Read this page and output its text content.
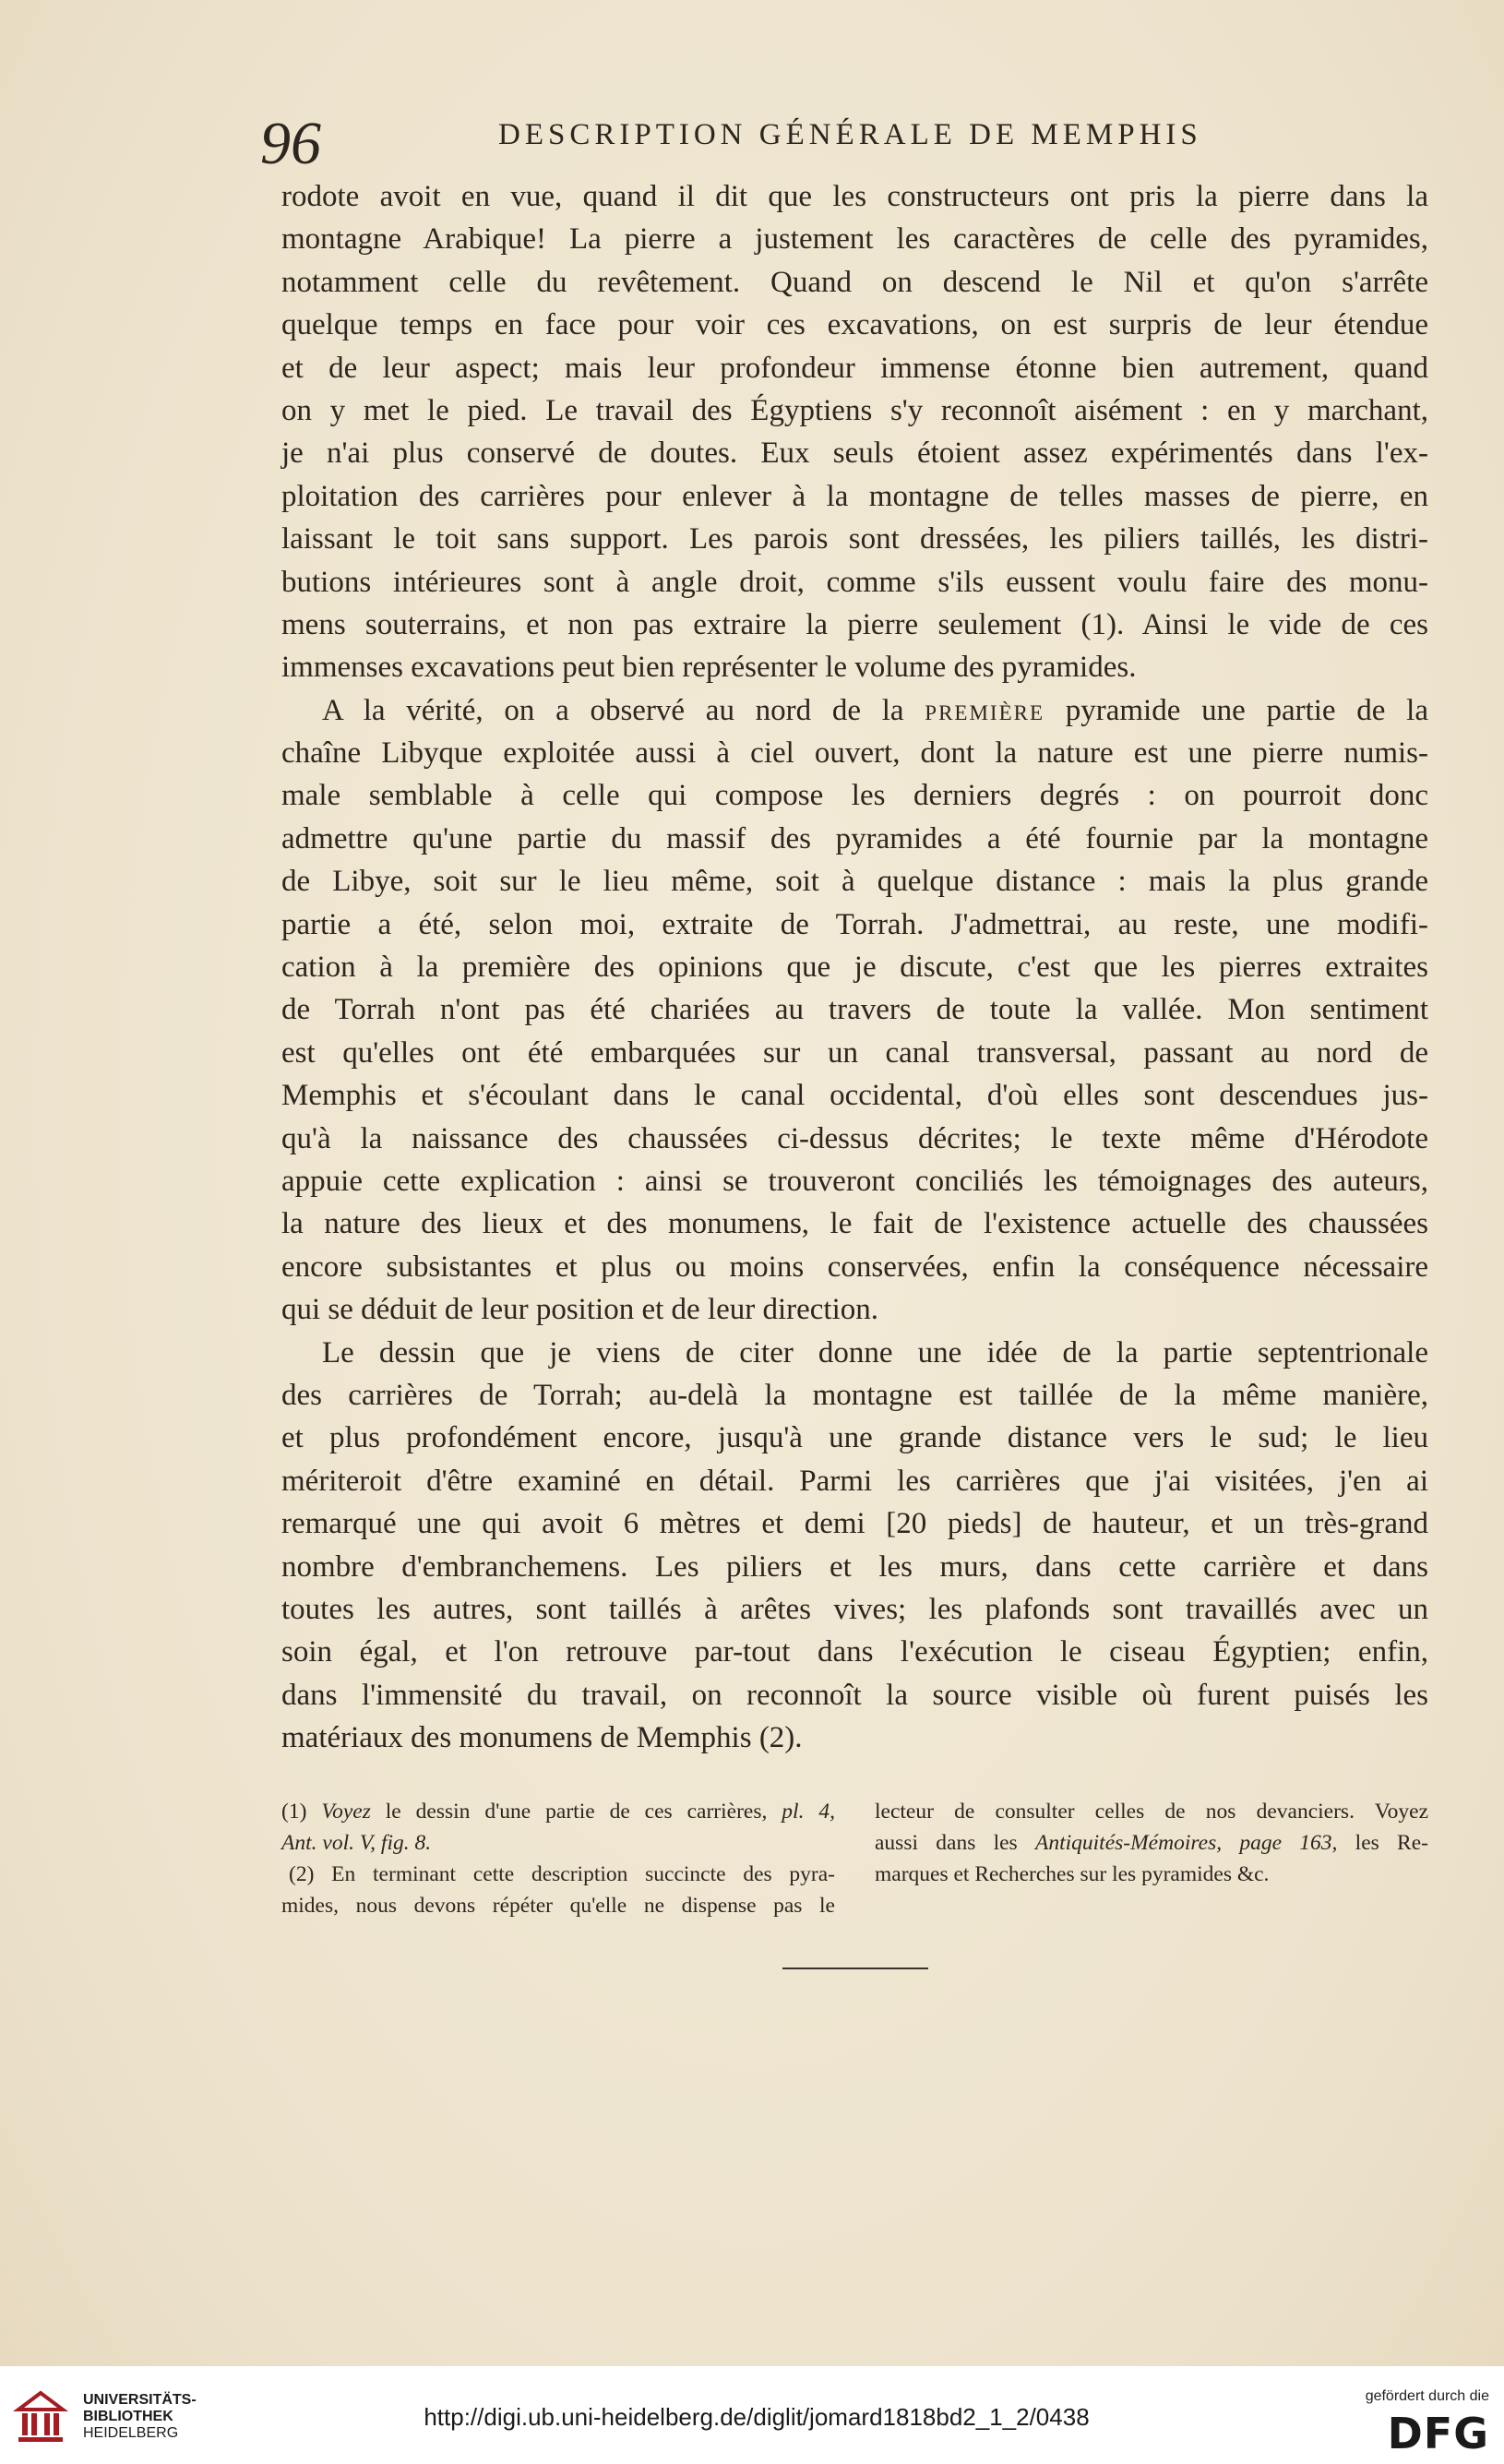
96	DESCRIPTION GÉNÉRALE DE MEMPHIS
rodote avoit en vue, quand il dit que les constructeurs ont pris la pierre dans la
montagne Arabique! La pierre a justement les caractères de celle des pyramides,
notamment celle du revêtement. Quand on descend le Nil et qu'on s'arrête
quelque temps en face pour voir ces excavations, on est surpris de leur étendue
et de leur aspect; mais leur profondeur immense étonne bien autrement, quand
on y met le pied. Le travail des Égyptiens s'y reconnoît aisément : en y marchant,
je n'ai plus conservé de doutes. Eux seuls étoient assez expérimentés dans l'ex-
ploitation des carrières pour enlever à la montagne de telles masses de pierre, en
laissant le toit sans support. Les parois sont dressées, les piliers taillés, les distri-
butions intérieures sont à angle droit, comme s'ils eussent voulu faire des monu-
mens souterrains, et non pas extraire la pierre seulement (1). Ainsi le vide de ces
immenses excavations peut bien représenter le volume des pyramides.
A la vérité, on a observé au nord de la première pyramide une partie de la
chaîne Libyque exploitée aussi à ciel ouvert, dont la nature est une pierre numis-
male semblable à celle qui compose les derniers degrés : on pourroit donc
admettre qu'une partie du massif des pyramides a été fournie par la montagne
de Libye, soit sur le lieu même, soit à quelque distance : mais la plus grande
partie a été, selon moi, extraite de Torrah. J'admettrai, au reste, une modifi-
cation à la première des opinions que je discute, c'est que les pierres extraites
de Torrah n'ont pas été chariées au travers de toute la vallée. Mon sentiment
est qu'elles ont été embarquées sur un canal transversal, passant au nord de
Memphis et s'écoulant dans le canal occidental, d'où elles sont descendues jus-
qu'à la naissance des chaussées ci-dessus décrites; le texte même d'Hérodote
appuie cette explication : ainsi se trouveront conciliés les témoignages des auteurs,
la nature des lieux et des monumens, le fait de l'existence actuelle des chaussées
encore subsistantes et plus ou moins conservées, enfin la conséquence nécessaire
qui se déduit de leur position et de leur direction.
Le dessin que je viens de citer donne une idée de la partie septentrionale
des carrières de Torrah; au-delà la montagne est taillée de la même manière,
et plus profondément encore, jusqu'à une grande distance vers le sud; le lieu
mériteroit d'être examiné en détail. Parmi les carrières que j'ai visitées, j'en ai
remarqué une qui avoit 6 mètres et demi [20 pieds] de hauteur, et un très-grand
nombre d'embranchemens. Les piliers et les murs, dans cette carrière et dans
toutes les autres, sont taillés à arêtes vives; les plafonds sont travaillés avec un
soin égal, et l'on retrouve par-tout dans l'exécution le ciseau Égyptien; enfin,
dans l'immensité du travail, on reconnoît la source visible où furent puisés les
matériaux des monumens de Memphis (2).
(1) Voyez le dessin d'une partie de ces carrières, pl. 4,
Ant. vol. V, fig. 8.
(2) En terminant cette description succincte des pyra-
mides, nous devons répéter qu'elle ne dispense pas le
lecteur de consulter celles de nos devanciers. Voyez
aussi dans les Antiquités-Mémoires, page 163, les Re-
marques et Recherches sur les pyramides &c.
UNIVERSITÄTS-
BIBLIOTHEK
HEIDELBERG
http://digi.ub.uni-heidelberg.de/diglit/jomard1818bd2_1_2/0438
gefördert durch die
DFG
